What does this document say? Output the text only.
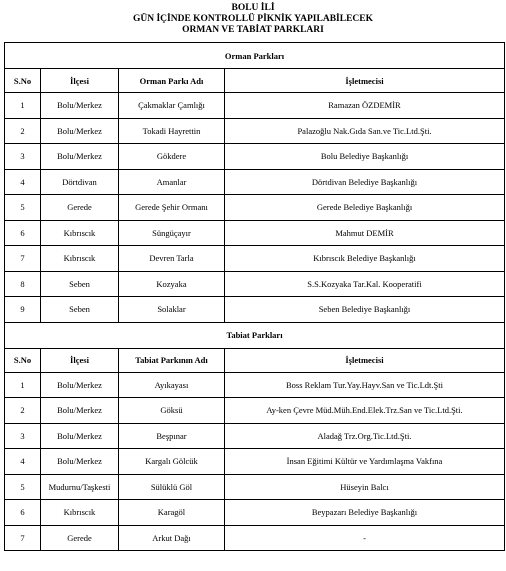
BOLU İLİ
GÜN İÇİNDE KONTROLLÜ PİKNİK YAPILABİLECEK
ORMAN VE TABİAT PARKLARI
Orman Parkları			
S.No	İlçesi	Orman Parkı Adı	İşletmecisi
1	Bolu/Merkez	Çakmaklar Çamlığı	Ramazan ÖZDEMİR
2	Bolu/Merkez	Tokadi Hayrettin	Palazoğlu Nak.Gıda San.ve Tic.Ltd.Şti.
3	Bolu/Merkez	Gökdere	Bolu Belediye Başkanlığı
4	Dörtdivan	Amanlar	Dörtdivan Belediye Başkanlığı
5	Gerede	Gerede Şehir Ormanı	Gerede Belediye Başkanlığı
6	Kıbrıscık	Süngüçayır	Mahmut DEMİR
7	Kıbrıscık	Devren Tarla	Kıbrıscık Belediye Başkanlığı
8	Seben	Kozyaka	S.S.Kozyaka Tar.Kal. Kooperatifi
9	Seben	Solaklar	Seben Belediye Başkanlığı
Tabiat Parkları			
S.No	İlçesi	Tabiat Parkının Adı	İşletmecisi
1	Bolu/Merkez	Ayıkayası	Boss Reklam Tur.Yay.Hayv.San ve Tic.Ldt.Şti
2	Bolu/Merkez	Göksü	Ay-ken Çevre Müd.Müh.End.Elek.Trz.San ve Tic.Ltd.Şti.
3	Bolu/Merkez	Beşpınar	Aladağ Trz.Org.Tic.Ltd.Şti.
4	Bolu/Merkez	Kargalı Gölcük	İnsan Eğitimi Kültür ve Yardımlaşma Vakfına
5	Mudurnu/Taşkesti	Sülüklü Göl	Hüseyin Balcı
6	Kıbrıscık	Karagöl	Beypazarı Belediye Başkanlığı
7	Gerede	Arkut Dağı	-
